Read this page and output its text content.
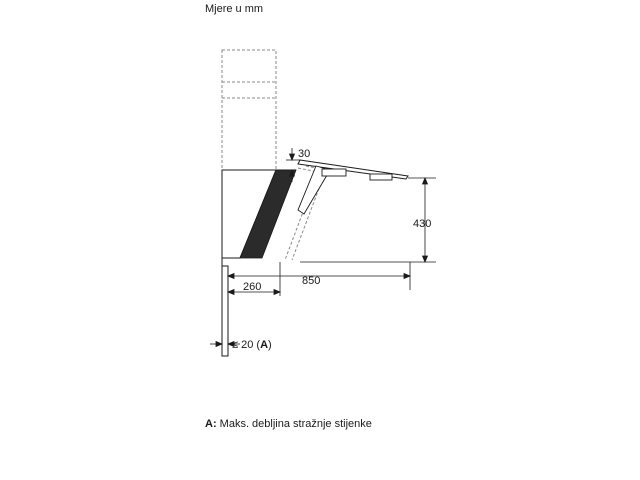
Mjere u mm
30
430
850
260
≤ 20 (A)
A: Maks. debljina stražnje stijenke
